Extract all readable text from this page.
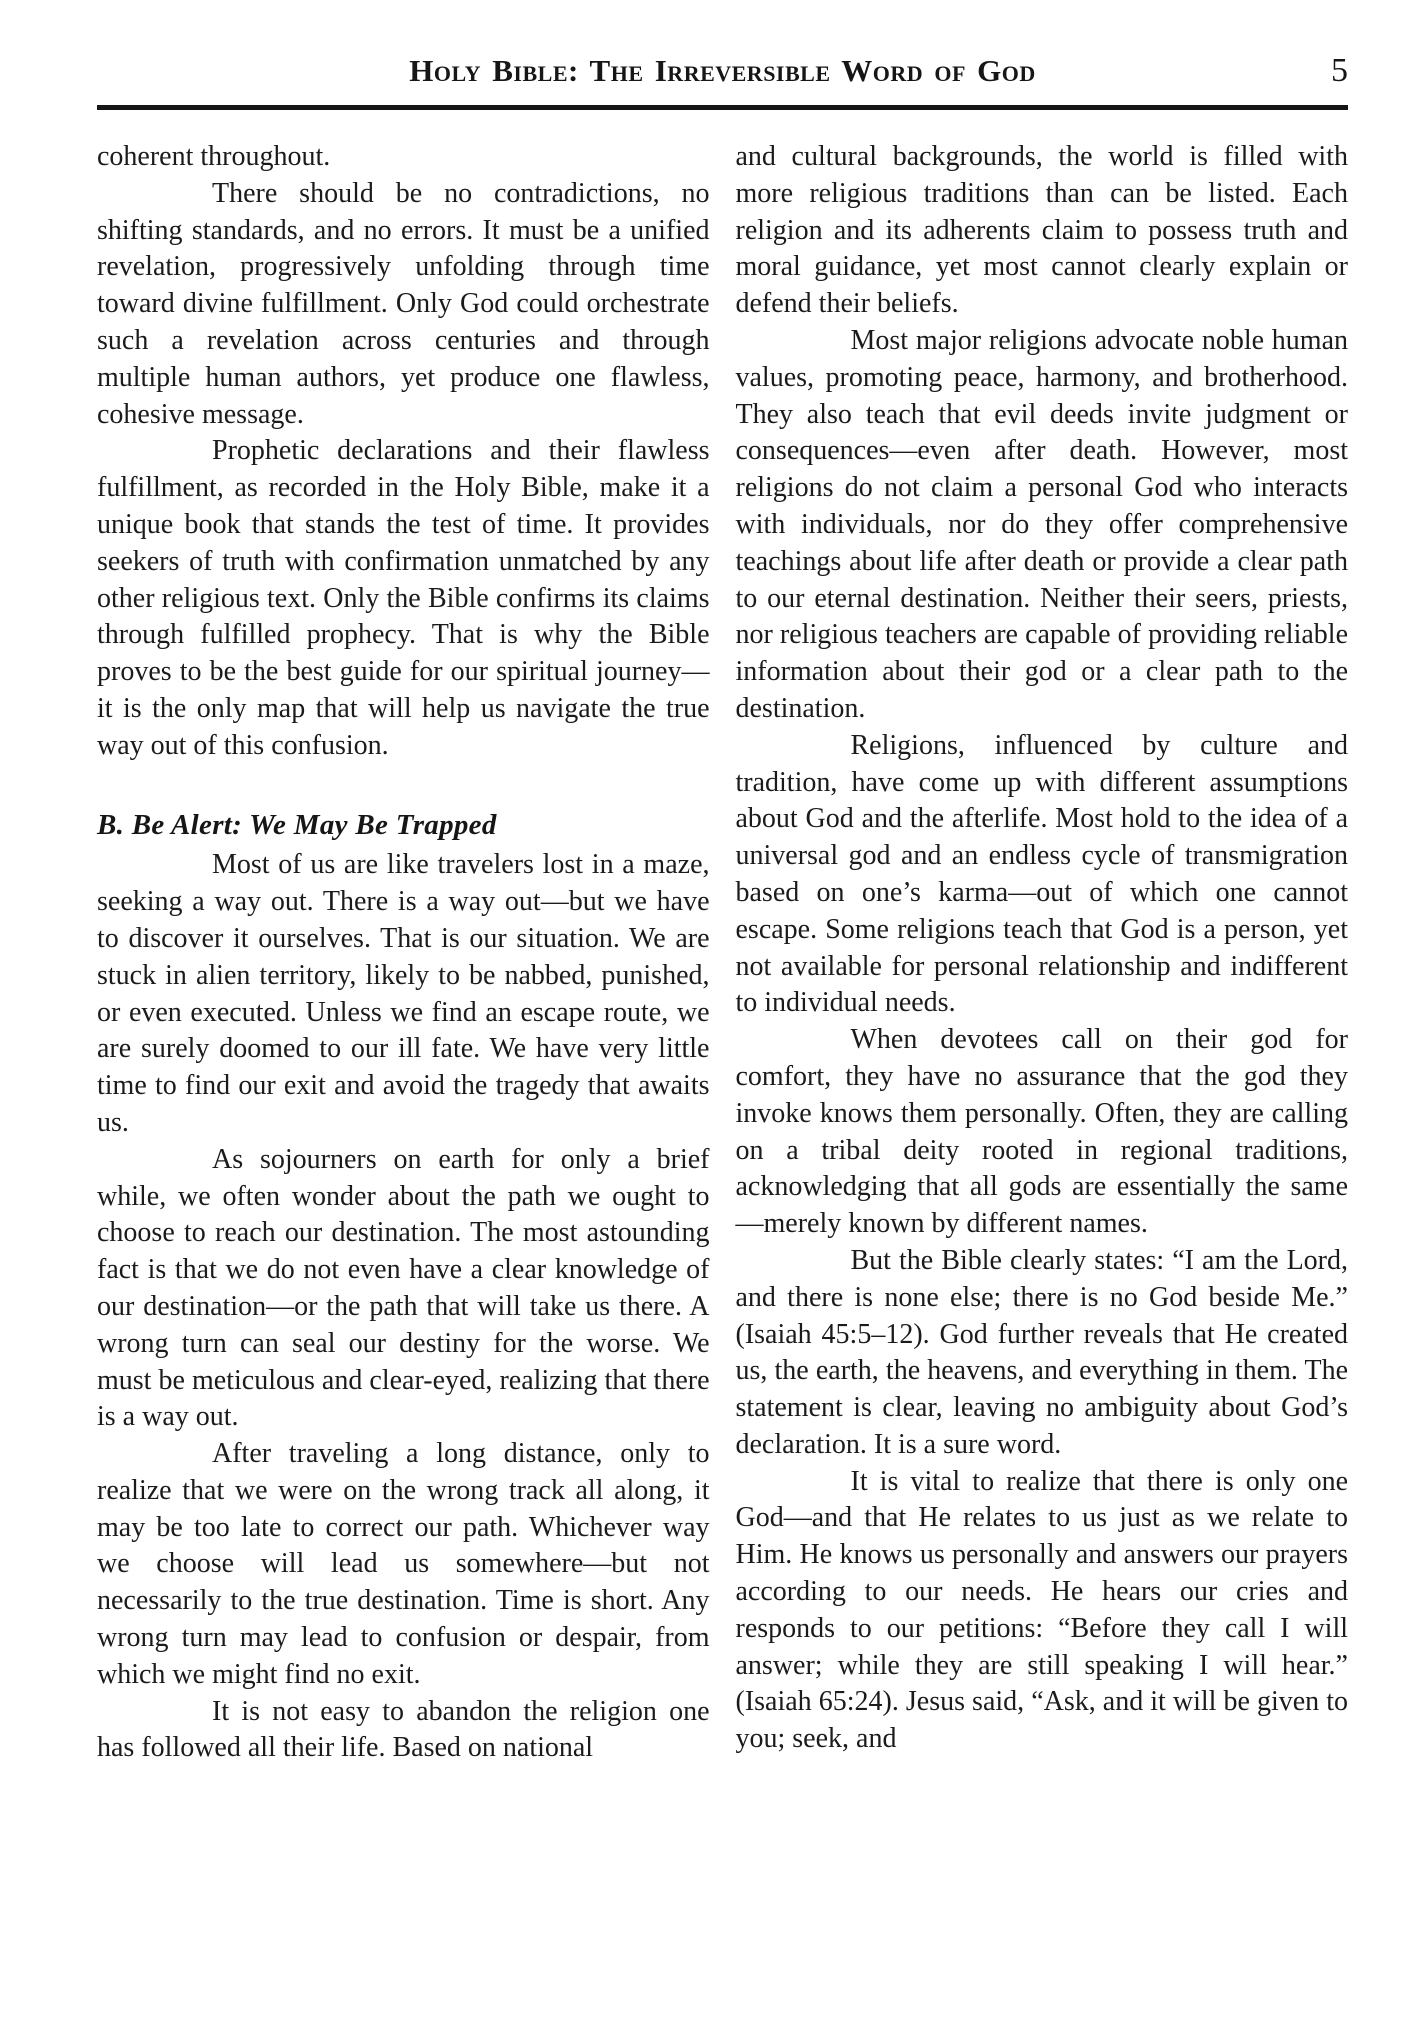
Holy Bible: The Irreversible Word of God	5

coherent throughout.

There should be no contradictions, no shifting standards, and no errors. It must be a unified revelation, progressively unfolding through time toward divine fulfillment. Only God could orchestrate such a revelation across centuries and through multiple human authors, yet produce one flawless, cohesive message.

Prophetic declarations and their flawless fulfillment, as recorded in the Holy Bible, make it a unique book that stands the test of time. It provides seekers of truth with confirmation unmatched by any other religious text. Only the Bible confirms its claims through fulfilled prophecy. That is why the Bible proves to be the best guide for our spiritual journey—it is the only map that will help us navigate the true way out of this confusion.

B. Be Alert: We May Be Trapped

Most of us are like travelers lost in a maze, seeking a way out. There is a way out—but we have to discover it ourselves. That is our situation. We are stuck in alien territory, likely to be nabbed, punished, or even executed. Unless we find an escape route, we are surely doomed to our ill fate. We have very little time to find our exit and avoid the tragedy that awaits us.

As sojourners on earth for only a brief while, we often wonder about the path we ought to choose to reach our destination. The most astounding fact is that we do not even have a clear knowledge of our destination—or the path that will take us there. A wrong turn can seal our destiny for the worse. We must be meticulous and clear-eyed, realizing that there is a way out.

After traveling a long distance, only to realize that we were on the wrong track all along, it may be too late to correct our path. Whichever way we choose will lead us somewhere—but not necessarily to the true destination. Time is short. Any wrong turn may lead to confusion or despair, from which we might find no exit.

It is not easy to abandon the religion one has followed all their life. Based on national

and cultural backgrounds, the world is filled with more religious traditions than can be listed. Each religion and its adherents claim to possess truth and moral guidance, yet most cannot clearly explain or defend their beliefs.

Most major religions advocate noble human values, promoting peace, harmony, and brotherhood. They also teach that evil deeds invite judgment or consequences—even after death. However, most religions do not claim a personal God who interacts with individuals, nor do they offer comprehensive teachings about life after death or provide a clear path to our eternal destination. Neither their seers, priests, nor religious teachers are capable of providing reliable information about their god or a clear path to the destination.

Religions, influenced by culture and tradition, have come up with different assumptions about God and the afterlife. Most hold to the idea of a universal god and an endless cycle of transmigration based on one’s karma—out of which one cannot escape. Some religions teach that God is a person, yet not available for personal relationship and indifferent to individual needs.

When devotees call on their god for comfort, they have no assurance that the god they invoke knows them personally. Often, they are calling on a tribal deity rooted in regional traditions, acknowledging that all gods are essentially the same—merely known by different names.

But the Bible clearly states: “I am the Lord, and there is none else; there is no God beside Me.” (Isaiah 45:5–12). God further reveals that He created us, the earth, the heavens, and everything in them. The statement is clear, leaving no ambiguity about God’s declaration. It is a sure word.

It is vital to realize that there is only one God—and that He relates to us just as we relate to Him. He knows us personally and answers our prayers according to our needs. He hears our cries and responds to our petitions: “Before they call I will answer; while they are still speaking I will hear.” (Isaiah 65:24). Jesus said, “Ask, and it will be given to you; seek, and
